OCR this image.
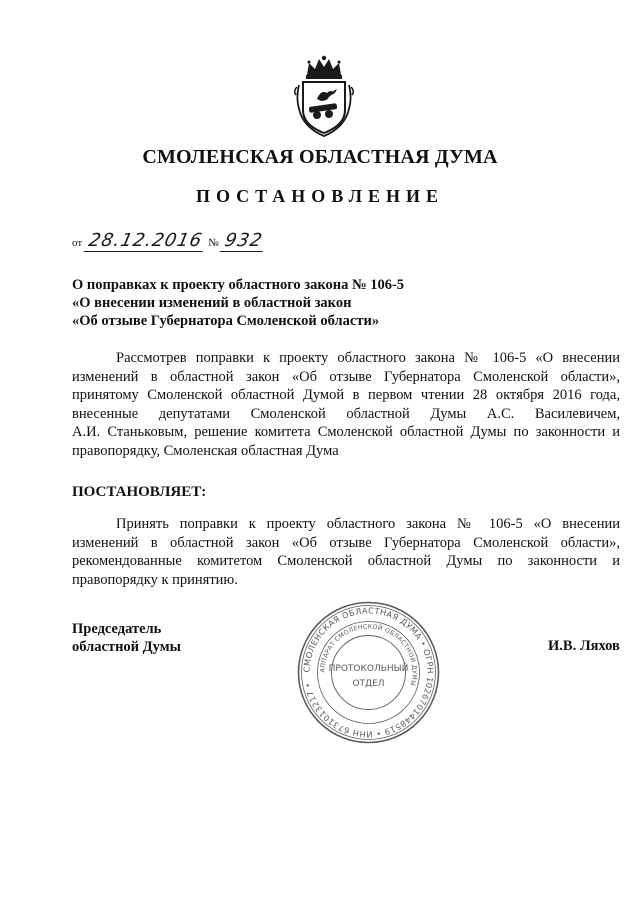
СМОЛЕНСКАЯ ОБЛАСТНАЯ ДУМА
ПОСТАНОВЛЕНИЕ
от 28.12.2016 № 932
О поправках к проекту областного закона № 106-5
«О внесении изменений в областной закон
«Об отзыве Губернатора Смоленской области»
Рассмотрев поправки к проекту областного закона № 106-5 «О внесении
изменений в областной закон «Об отзыве Губернатора Смоленской области»,
принятому Смоленской областной Думой в первом чтении 28 октября 2016 года,
внесенные депутатами Смоленской областной Думы А.С. Василевичем,
А.И. Станьковым, решение комитета Смоленской областной Думы по законности и
правопорядку, Смоленская областная Дума
ПОСТАНОВЛЯЕТ:
Принять поправки к проекту областного закона № 106-5 «О внесении
изменений в областной закон «Об отзыве Губернатора Смоленской области»,
рекомендованные комитетом Смоленской областной Думы по законности и
правопорядку к принятию.
Председатель
областной Думы	И.В. Ляхов
СМОЛЕНСКАЯ ОБЛАСТНАЯ ДУМА • ОГРН 1026701448519 • ИНН 6731013217 •
АППАРАТ СМОЛЕНСКОЙ ОБЛАСТНОЙ ДУМЫ
ПРОТОКОЛЬНЫЙ
ОТДЕЛ
